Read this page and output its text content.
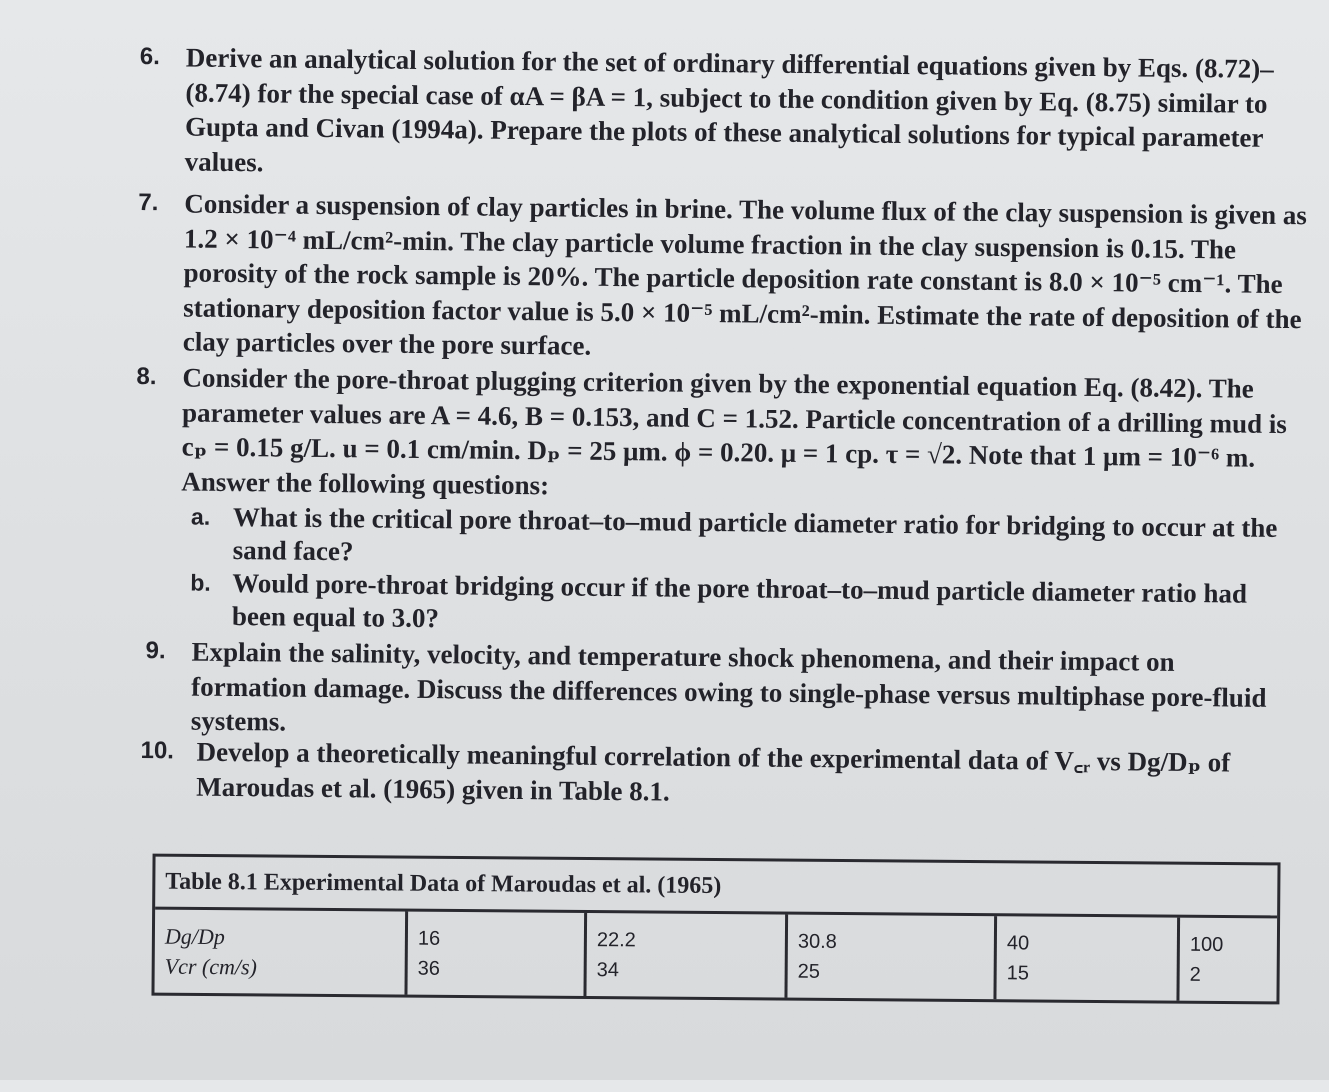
6. Derive an analytical solution for the set of ordinary differential equations given by Eqs. (8.72)–(8.74) for the special case of αA = βA = 1, subject to the condition given by Eq. (8.75) similar to Gupta and Civan (1994a). Prepare the plots of these analytical solutions for typical parameter values.
7. Consider a suspension of clay particles in brine. The volume flux of the clay suspension is given as 1.2 × 10⁻⁴ mL/cm²-min. The clay particle volume fraction in the clay suspension is 0.15. The porosity of the rock sample is 20%. The particle deposition rate constant is 8.0 × 10⁻⁵ cm⁻¹. The stationary deposition factor value is 5.0 × 10⁻⁵ mL/cm²-min. Estimate the rate of deposition of the clay particles over the pore surface.
8. Consider the pore-throat plugging criterion given by the exponential equation Eq. (8.42). The parameter values are A = 4.6, B = 0.153, and C = 1.52. Particle concentration of a drilling mud is cₚ = 0.15 g/L. u = 0.1 cm/min. Dₚ = 25 μm. ϕ = 0.20. μ = 1 cp. τ = √2. Note that 1 μm = 10⁻⁶ m. Answer the following questions:
a. What is the critical pore throat–to–mud particle diameter ratio for bridging to occur at the sand face?
b. Would pore-throat bridging occur if the pore throat–to–mud particle diameter ratio had been equal to 3.0?
9. Explain the salinity, velocity, and temperature shock phenomena, and their impact on formation damage. Discuss the differences owing to single-phase versus multiphase pore-fluid systems.
10. Develop a theoretically meaningful correlation of the experimental data of V꜀ᵣ vs Dg/Dₚ of Maroudas et al. (1965) given in Table 8.1.
Table 8.1 Experimental Data of Maroudas et al. (1965)
Dg/Dp
Vcr (cm/s)
16
36
22.2
34
30.8
25
40
15
100
2
